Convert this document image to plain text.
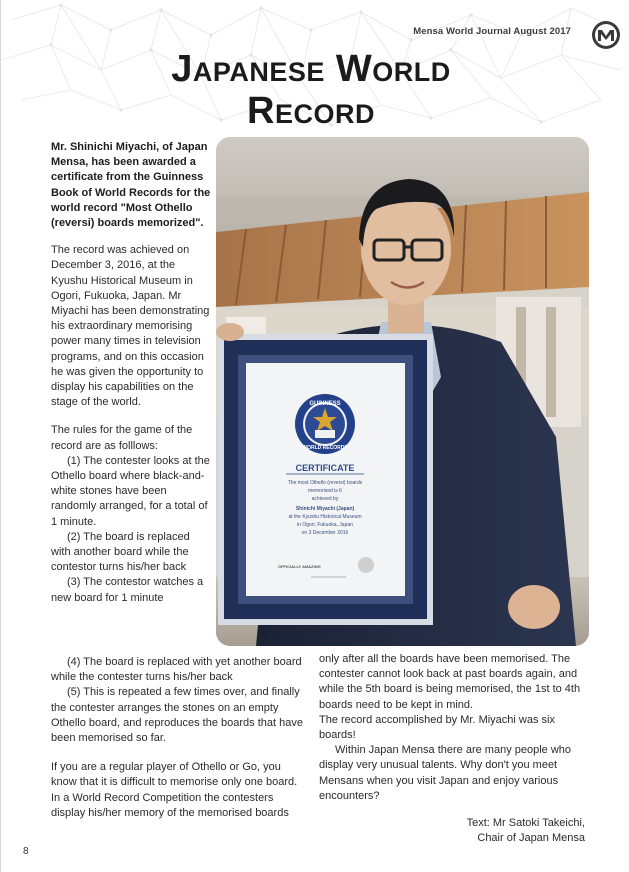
Mensa World Journal August 2017
Japanese World
Record

Mr. Shinichi Miyachi, of Japan Mensa, has been awarded a certificate from the Guinness Book of World Records for the world record "Most Othello (reversi) boards memorized".

The record was achieved on December 3, 2016, at the Kyushu Historical Museum in Ogori, Fukuoka, Japan. Mr Miyachi has been demonstrating his extraordinary memorising power many times in television programs, and on this occasion he was given the opportunity to display his capabilities on the stage of the world.

The rules for the game of the record are as folllows:

(1) The contester looks at the Othello board where black-and-white stones have been randomly arranged, for a total of 1 minute.

(2) The board is replaced with another board while the contestor turns his/her back

(3) The contestor watches a new board for 1 minute

GUINNESS
WORLD RECORDS
CERTIFICATE
The most Othello (reversi) boards
memorised is 6
achieved by
Shinichi Miyachi (Japan)
at the Kyushu Historical Museum
in Ogori, Fukuoka, Japan
on 3 December 2016
OFFICIALLY AMAZING

(4) The board is replaced with yet another board while the contester turns his/her back

(5) This is repeated a few times over, and finally the contester arranges the stones on an empty Othello board, and reproduces the boards that have been memorised so far.

If you are a regular player of Othello or Go, you know that it is difficult to memorise only one board. In a World Record Competition the contesters display his/her memory of the memorised boards

only after all the boards have been memorised. The contester cannot look back at past boards again, and while the 5th board is being memorised, the 1st to 4th boards need to be kept in mind.

The record accomplished by Mr. Miyachi was six boards!

Within Japan Mensa there are many people who display very unusual talents. Why don't you meet Mensans when you visit Japan and enjoy various encounters?

Text: Mr Satoki Takeichi,
Chair of Japan Mensa

8
